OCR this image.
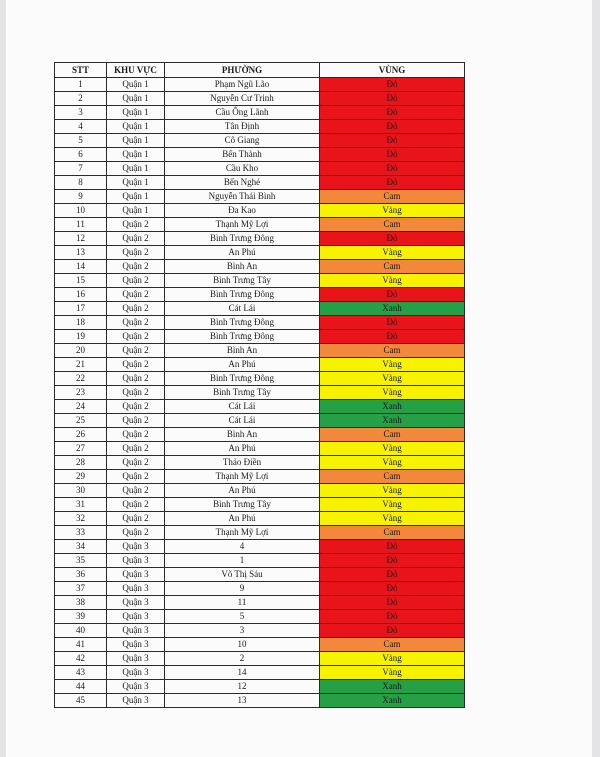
STT	KHU VỰC	PHƯỜNG	VÙNG
1	Quận 1	Phạm Ngũ Lão	Đỏ
2	Quận 1	Nguyễn Cư Trinh	Đỏ
3	Quận 1	Cầu Ông Lãnh	Đỏ
4	Quận 1	Tân Định	Đỏ
5	Quận 1	Cô Giang	Đỏ
6	Quận 1	Bến Thành	Đỏ
7	Quận 1	Cầu Kho	Đỏ
8	Quận 1	Bến Nghé	Đỏ
9	Quận 1	Nguyễn Thái Bình	Cam
10	Quận 1	Đa Kao	Vàng
11	Quận 2	Thạnh Mỹ Lợi	Cam
12	Quận 2	Bình Trưng Đông	Đỏ
13	Quận 2	An Phú	Vàng
14	Quận 2	Bình An	Cam
15	Quận 2	Bình Trưng Tây	Vàng
16	Quận 2	Bình Trưng Đông	Đỏ
17	Quận 2	Cát Lái	Xanh
18	Quận 2	Bình Trưng Đông	Đỏ
19	Quận 2	Bình Trưng Đông	Đỏ
20	Quận 2	Bình An	Cam
21	Quận 2	An Phú	Vàng
22	Quận 2	Bình Trưng Đông	Vàng
23	Quận 2	Bình Trưng Tây	Vàng
24	Quận 2	Cát Lái	Xanh
25	Quận 2	Cát Lái	Xanh
26	Quận 2	Bình An	Cam
27	Quận 2	An Phú	Vàng
28	Quận 2	Thảo Điền	Vàng
29	Quận 2	Thạnh Mỹ Lợi	Cam
30	Quận 2	An Phú	Vàng
31	Quận 2	Bình Trưng Tây	Vàng
32	Quận 2	An Phú	Vàng
33	Quận 2	Thạnh Mỹ Lợi	Cam
34	Quận 3	4	Đỏ
35	Quận 3	1	Đỏ
36	Quận 3	Võ Thị Sáu	Đỏ
37	Quận 3	9	Đỏ
38	Quận 3	11	Đỏ
39	Quận 3	5	Đỏ
40	Quận 3	3	Đỏ
41	Quận 3	10	Cam
42	Quận 3	2	Vàng
43	Quận 3	14	Vàng
44	Quận 3	12	Xanh
45	Quận 3	13	Xanh
